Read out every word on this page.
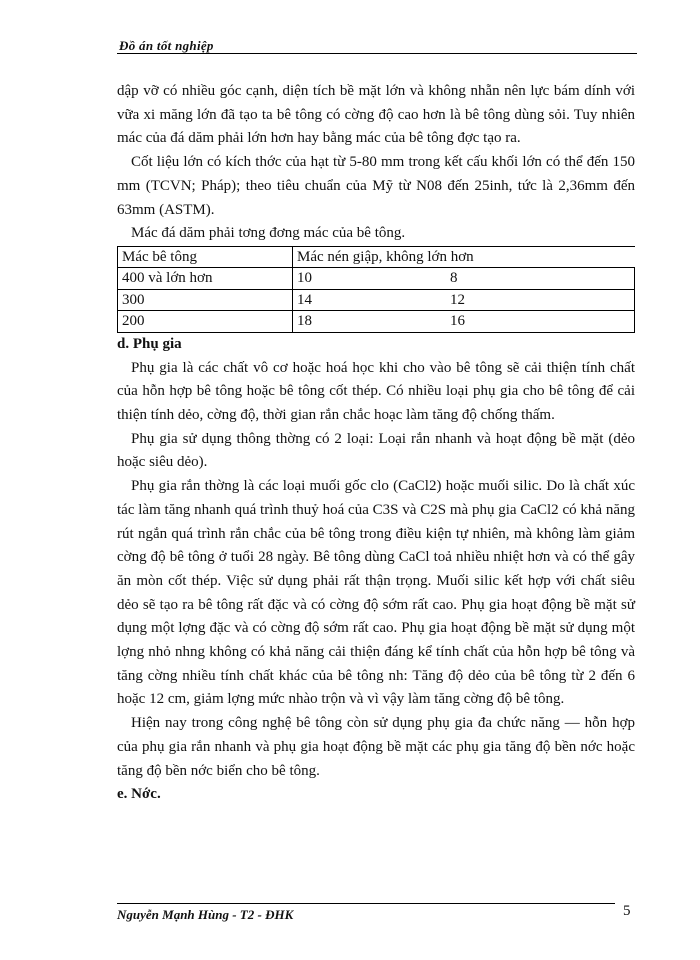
Đồ án tốt nghiệp

dập vỡ có nhiều góc cạnh, diện tích bề mặt lớn và không nhẵn nên lực bám dính với vữa xi măng lớn đã tạo ta bê tông có cờng độ cao hơn là bê tông dùng sỏi. Tuy nhiên mác của đá dăm phải lớn hơn hay bằng mác của bê tông đợc tạo ra.

Cốt liệu lớn có kích thớc của hạt từ 5-80 mm trong kết cấu khối lớn có thể đến 150 mm (TCVN; Pháp); theo tiêu chuẩn của Mỹ từ N08 đến 25inh, tức là 2,36mm đến 63mm (ASTM).

Mác đá dăm phải tơng đơng mác của bê tông.

Mác bê tông	Mác nén giập, không lớn hơn	
400 và lớn hơn	10	8
300	14	12
200	18	16

d. Phụ gia

Phụ gia là các chất vô cơ hoặc hoá học khi cho vào bê tông sẽ cải thiện tính chất của hỗn hợp bê tông hoặc bê tông cốt thép. Có nhiều loại phụ gia cho bê tông để cải thiện tính dẻo, cờng độ, thời gian rắn chắc hoạc làm tăng độ chống thấm.

Phụ gia sử dụng thông thờng có 2 loại: Loại rắn nhanh và hoạt động bề mặt (dẻo hoặc siêu dẻo).

Phụ gia rắn thờng là các loại muối gốc clo (CaCl2) hoặc muối silic. Do là chất xúc tác làm tăng nhanh quá trình thuỷ hoá của C3S và C2S mà phụ gia CaCl2 có khả năng rút ngắn quá trình rắn chắc của bê tông trong điều kiện tự nhiên, mà không làm giảm cờng độ bê tông ở tuổi 28 ngày. Bê tông dùng CaCl toả nhiều nhiệt hơn và có thể gây ăn mòn cốt thép. Việc sử dụng phải rất thận trọng. Muối silic kết hợp với chất siêu dẻo sẽ tạo ra bê tông rất đặc và có cờng độ sớm rất cao. Phụ gia hoạt động bề mặt sử dụng một lợng đặc và có cờng độ sớm rất cao. Phụ gia hoạt động bề mặt sử dụng một lợng nhỏ nhng không có khả năng cải thiện đáng kể tính chất của hỗn hợp bê tông và tăng cờng nhiều tính chất khác của bê tông nh: Tăng độ dẻo của bê tông từ 2 đến 6 hoặc 12 cm, giảm lợng mức nhào trộn và vì vậy làm tăng cờng độ bê tông.

Hiện nay trong công nghệ bê tông còn sử dụng phụ gia đa chức năng — hỗn hợp của phụ gia rắn nhanh và phụ gia hoạt động bề mặt các phụ gia tăng độ bền nớc hoặc tăng độ bền nớc biển cho bê tông.

e. Nớc.

Nguyễn Mạnh Hùng - T2 - ĐHK	5
